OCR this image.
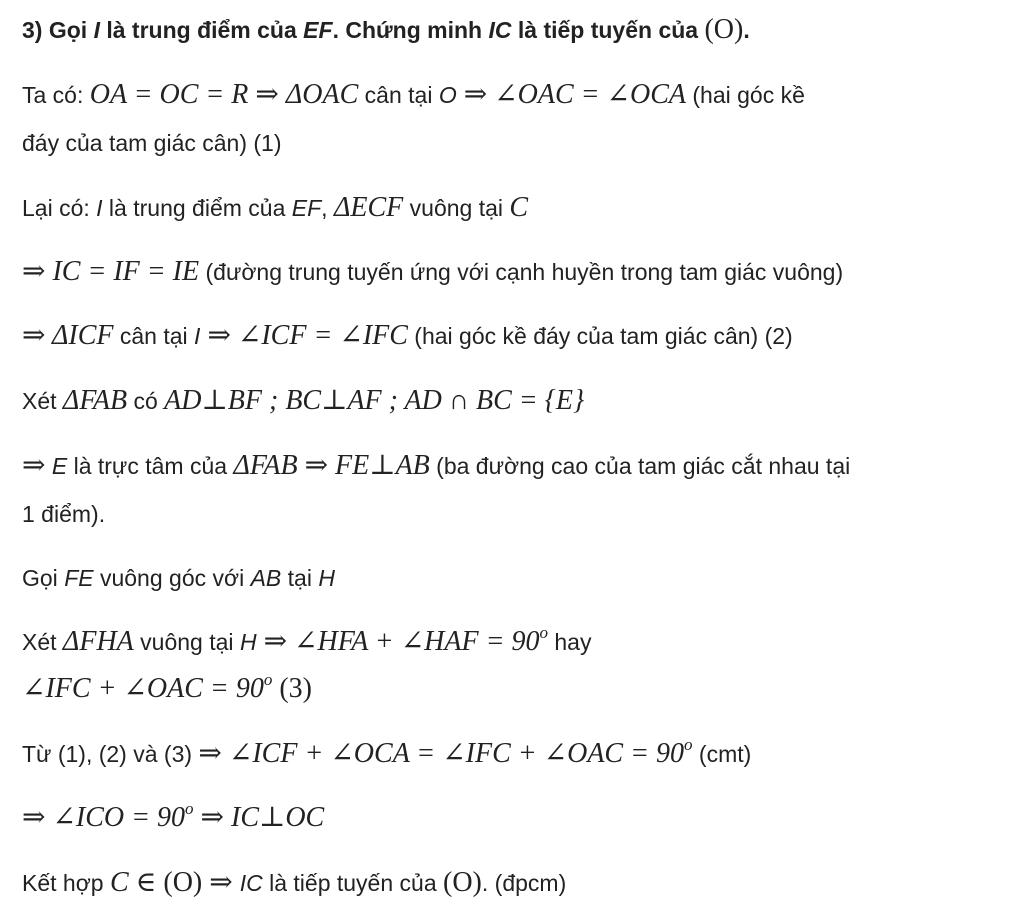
3) Gọi I là trung điểm của EF. Chứng minh IC là tiếp tuyến của (O).
Ta có: OA = OC = R ⇒ ΔOAC cân tại O ⇒ ∠OAC = ∠OCA (hai góc kề
đáy của tam giác cân) (1)
Lại có: I là trung điểm của EF, ΔECF vuông tại C
⇒ IC = IF = IE (đường trung tuyến ứng với cạnh huyền trong tam giác vuông)
⇒ ΔICF cân tại I ⇒ ∠ICF = ∠IFC (hai góc kề đáy của tam giác cân) (2)
Xét ΔFAB có AD⊥BF ; BC⊥AF ; AD ∩ BC = {E}
⇒ E là trực tâm của ΔFAB ⇒ FE⊥AB (ba đường cao của tam giác cắt nhau tại
1 điểm).
Gọi FE vuông góc với AB tại H
Xét ΔFHA vuông tại H ⇒ ∠HFA + ∠HAF = $90^o$ hay
∠IFC + ∠OAC = $90^o$ (3)
Từ (1), (2) và (3) ⇒ ∠ICF + ∠OCA = ∠IFC + ∠OAC = $90^o$ (cmt)
⇒ ∠ICO = $90^o$ ⇒ IC⊥OC
Kết hợp C ∈ (O) ⇒ IC là tiếp tuyến của (O). (đpcm)
